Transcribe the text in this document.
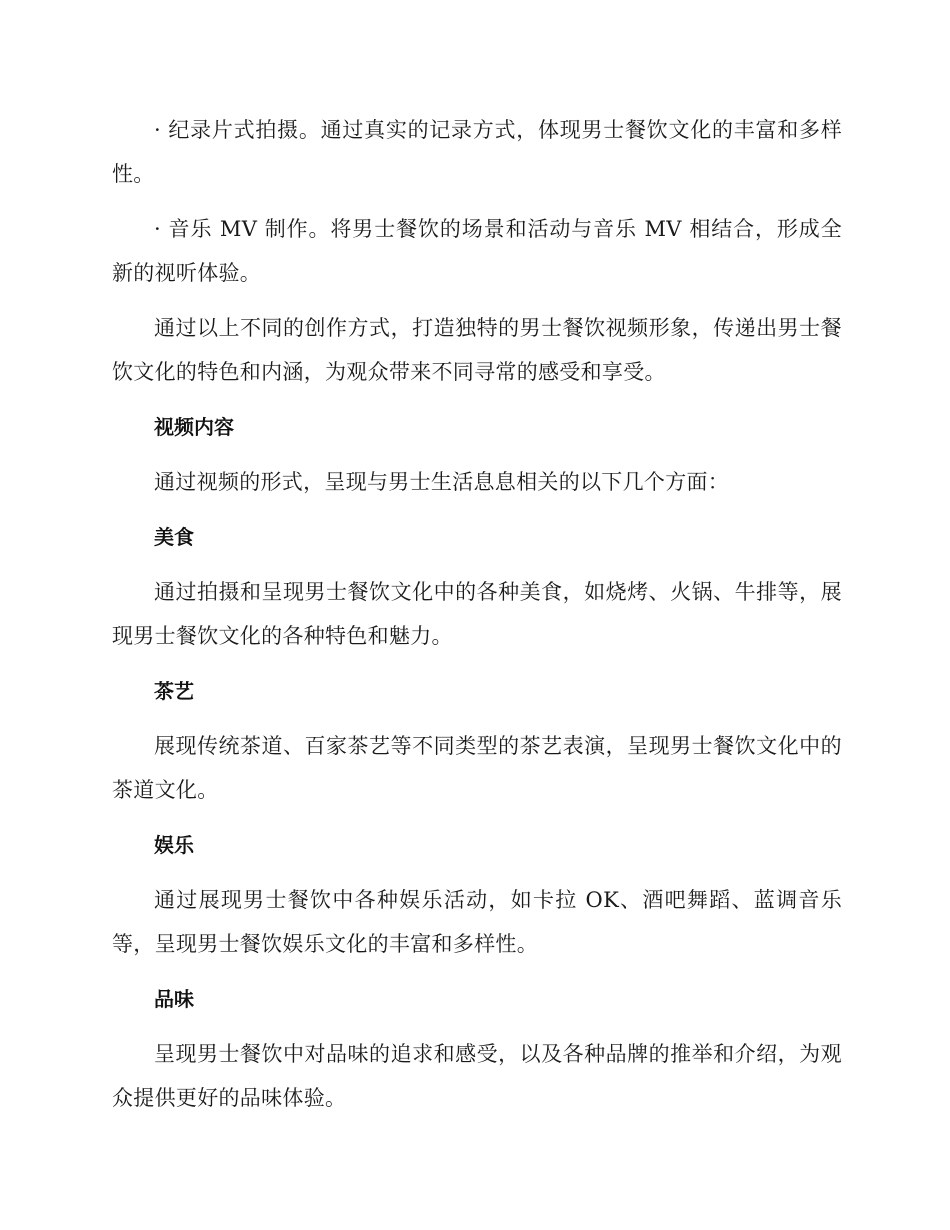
· 纪录片式拍摄。通过真实的记录方式，体现男士餐饮文化的丰富和多样性。

· 音乐 MV 制作。将男士餐饮的场景和活动与音乐 MV 相结合，形成全新的视听体验。

通过以上不同的创作方式，打造独特的男士餐饮视频形象，传递出男士餐饮文化的特色和内涵，为观众带来不同寻常的感受和享受。

视频内容

通过视频的形式，呈现与男士生活息息相关的以下几个方面：

美食

通过拍摄和呈现男士餐饮文化中的各种美食，如烧烤、火锅、牛排等，展现男士餐饮文化的各种特色和魅力。

茶艺

展现传统茶道、百家茶艺等不同类型的茶艺表演，呈现男士餐饮文化中的茶道文化。

娱乐

通过展现男士餐饮中各种娱乐活动，如卡拉 OK、酒吧舞蹈、蓝调音乐等，呈现男士餐饮娱乐文化的丰富和多样性。

品味

呈现男士餐饮中对品味的追求和感受，以及各种品牌的推举和介绍，为观众提供更好的品味体验。
